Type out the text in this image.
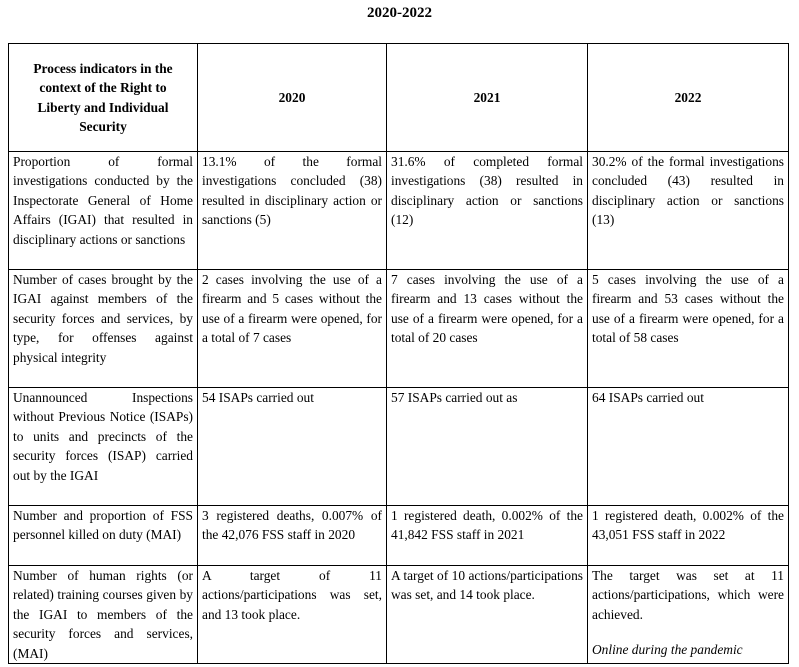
2020-2022
Process indicators in the context of the Right to Liberty and Individual Security	2020	2021	2022
Proportion of formal investigations conducted by the Inspectorate General of Home Affairs (IGAI) that resulted in disciplinary actions or sanctions	13.1% of the formal investigations concluded (38) resulted in disciplinary action or sanctions (5)	31.6% of completed formal investigations (38) resulted in disciplinary action or sanctions (12)	30.2% of the formal investigations concluded (43) resulted in disciplinary action or sanctions (13)
Number of cases brought by the IGAI against members of the security forces and services, by type, for offenses against physical integrity	2 cases involving the use of a firearm and 5 cases without the use of a firearm were opened, for a total of 7 cases	7 cases involving the use of a firearm and 13 cases without the use of a firearm were opened, for a total of 20 cases	5 cases involving the use of a firearm and 53 cases without the use of a firearm were opened, for a total of 58 cases
Unannounced Inspections without Previous Notice (ISAPs) to units and precincts of the security forces (ISAP) carried out by the IGAI	54 ISAPs carried out	57 ISAPs carried out as	64 ISAPs carried out
Number and proportion of FSS personnel killed on duty (MAI)	3 registered deaths, 0.007% of the 42,076 FSS staff in 2020	1 registered death, 0.002% of the 41,842 FSS staff in 2021	1 registered death, 0.002% of the 43,051 FSS staff in 2022
Number of human rights (or related) training courses given by the IGAI to members of the security forces and services, (MAI)	A target of 11 actions/participations was set, and 13 took place.	A target of 10 actions/participations was set, and 14 took place.	The target was set at 11 actions/participations, which were achieved.
Online during the pandemic
